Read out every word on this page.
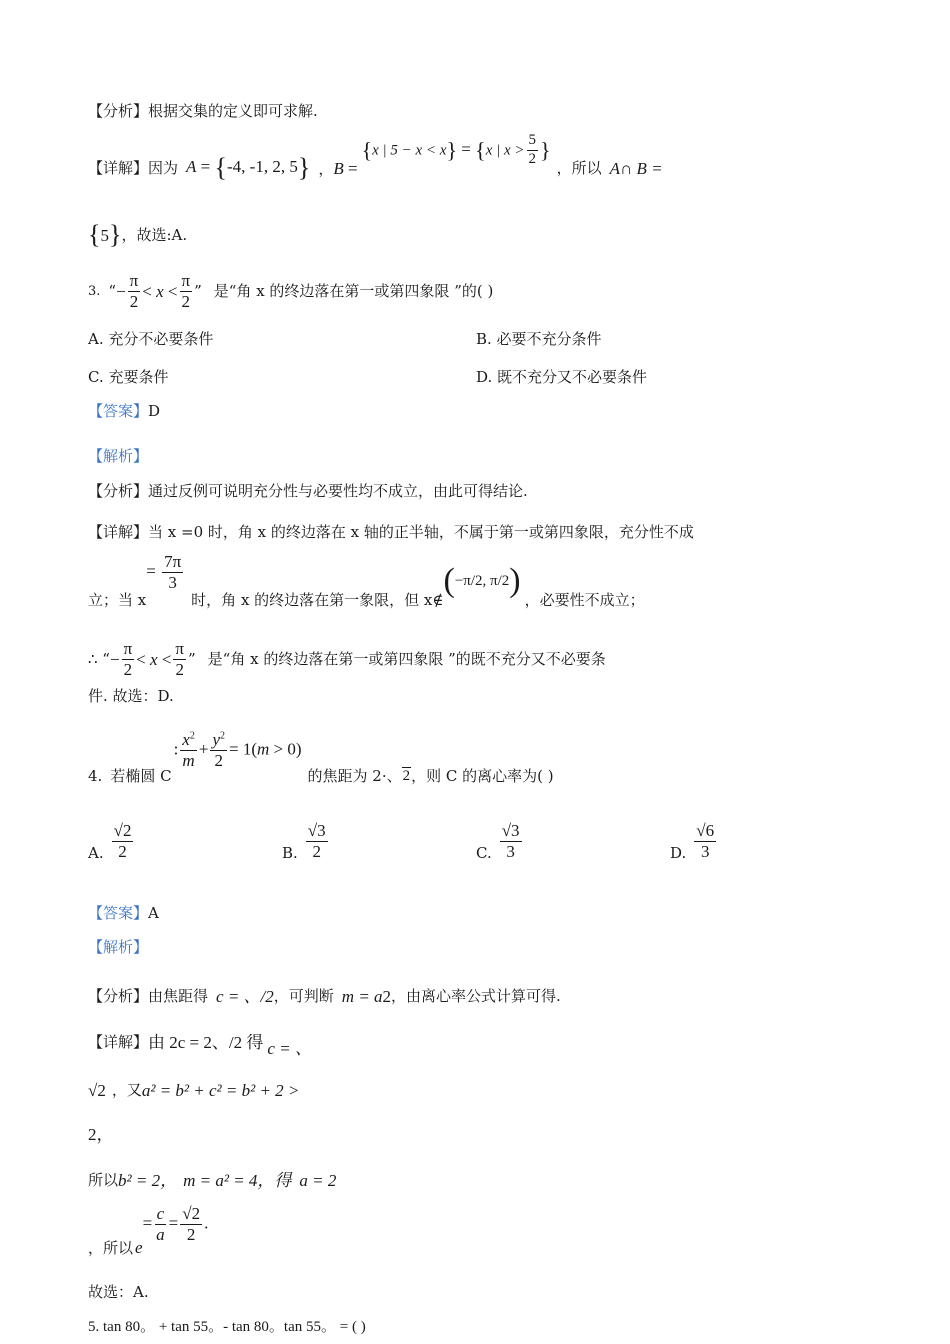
【分析】根据交集的定义即可求解.
【详解】 因为 A = {-4, -1, 2, 5} ，B =
{x | 5 − x < x} = {x | $x > \frac{5}{2}$ }
，所以 A∩ B =
{ 5 } ，故选:A.
3. “ − $\frac{\pi}{2} < x < \frac{\pi}{2}$ ” 是“角 x 的终边落在第一或第四象限 ”的( )
A. 充分不必要条件	B. 必要不充分条件
C. 充要条件	D. 既不充分又不必要条件
【答案】D
【解析】
【分析】通过反例可说明充分性与必要性均不成立，由此可得结论.
【详解】当 x =0 时，角 x 的终边落在 x 轴的正半轴，不属于第一或第四象限，充分性不成
立；当 x
= $\frac{7\pi}{3}$
时，角 x 的终边落在第一象限，但 x∉
(−π/2, π/2)
，必要性不成立；
∴ “ − $\frac{\pi}{2} < x < \frac{\pi}{2}$ ” 是“角 x 的终边落在第一或第四象限 ”的既不充分又不必要条
件. 故选：D.
4. 若椭圆 C
: $\frac{x^2}{m} + \frac{y^2}{2} = 1(m > 0)$
的焦距为 2·、 2 ，则 C 的离心率为( )
A. $\frac{√2}{2}$	B. $\frac{√3}{2}$	C. $\frac{√3}{3}$	D. $\frac{√6}{3}$
【答案】A
【解析】
【分析】 由焦距得 c = 、/2 ，可判断 m = a 2 ，由离心率公式计算可得.
【详解】 由 2c = 2、/2 得 c = 、
√2 ，又 a² = b² + c² = b² + 2 >
2，
所以 b² = 2， m = a² = 4，得 a = 2
，所以 e
= $\frac{c}{a} = \frac{√2}{2}$ .
故选：A.
5. tan 80。 + tan 55。- tan 80。tan 55。 = ( )
